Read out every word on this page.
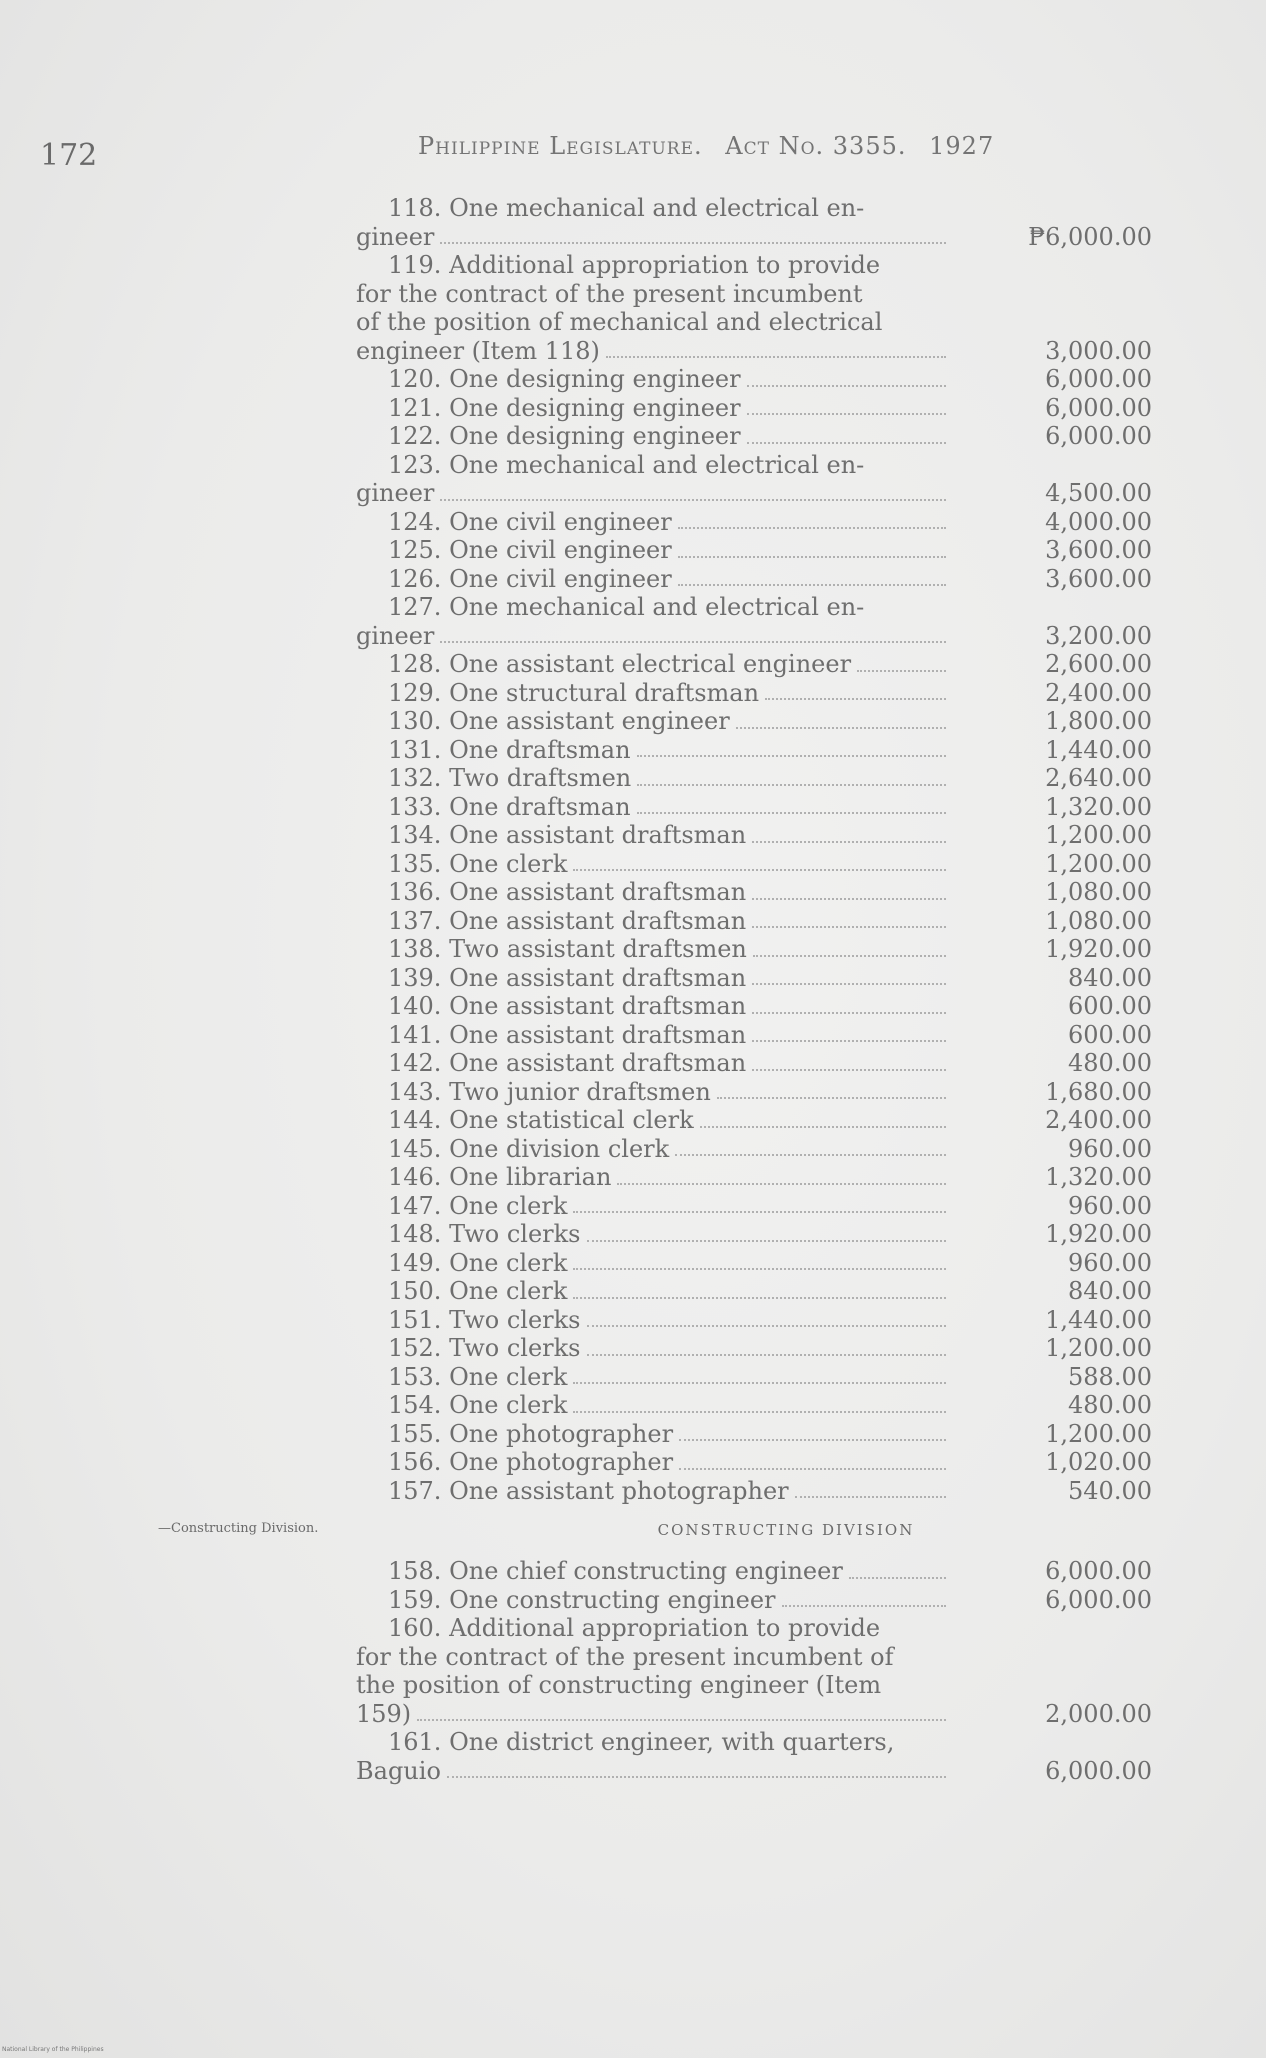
172	Philippine Legislature. Act No. 3355. 1927
—Constructing Division.
118. One mechanical and electrical en-
gineer	₱6,000.00
119. Additional appropriation to provide
for the contract of the present incumbent
of the position of mechanical and electrical
engineer (Item 118)	3,000.00
120. One designing engineer	6,000.00
121. One designing engineer	6,000.00
122. One designing engineer	6,000.00
123. One mechanical and electrical en-
gineer	4,500.00
124. One civil engineer	4,000.00
125. One civil engineer	3,600.00
126. One civil engineer	3,600.00
127. One mechanical and electrical en-
gineer	3,200.00
128. One assistant electrical engineer	2,600.00
129. One structural draftsman	2,400.00
130. One assistant engineer	1,800.00
131. One draftsman	1,440.00
132. Two draftsmen	2,640.00
133. One draftsman	1,320.00
134. One assistant draftsman	1,200.00
135. One clerk	1,200.00
136. One assistant draftsman	1,080.00
137. One assistant draftsman	1,080.00
138. Two assistant draftsmen	1,920.00
139. One assistant draftsman	840.00
140. One assistant draftsman	600.00
141. One assistant draftsman	600.00
142. One assistant draftsman	480.00
143. Two junior draftsmen	1,680.00
144. One statistical clerk	2,400.00
145. One division clerk	960.00
146. One librarian	1,320.00
147. One clerk	960.00
148. Two clerks	1,920.00
149. One clerk	960.00
150. One clerk	840.00
151. Two clerks	1,440.00
152. Two clerks	1,200.00
153. One clerk	588.00
154. One clerk	480.00
155. One photographer	1,200.00
156. One photographer	1,020.00
157. One assistant photographer	540.00
CONSTRUCTING DIVISION
158. One chief constructing engineer	6,000.00
159. One constructing engineer	6,000.00
160. Additional appropriation to provide
for the contract of the present incumbent of
the position of constructing engineer (Item
159)	2,000.00
161. One district engineer, with quarters,
Baguio	6,000.00
National Library of the Philippines
